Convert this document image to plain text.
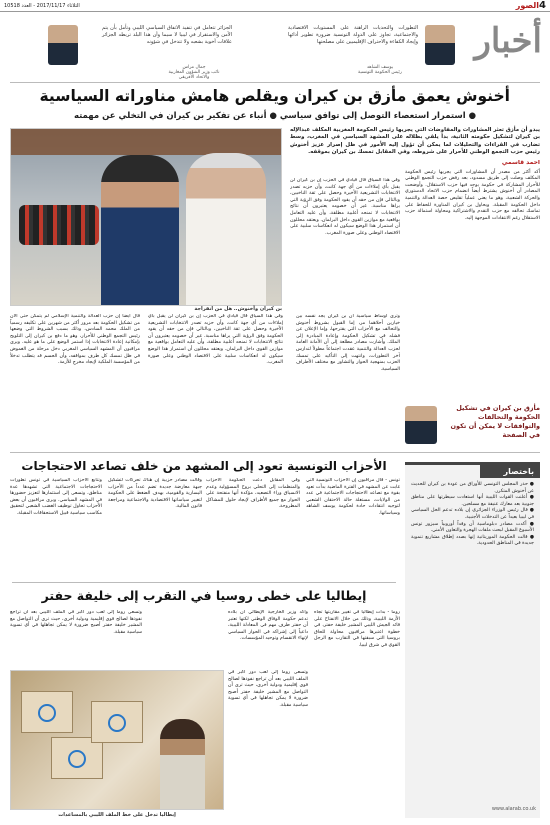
4
الصور
الثلاثاء 2017/11/17 - العدد 10518
أخبار
التطورات والتحديات الراهنة على المستويات الاقتصادية والاجتماعية، تجاوز على الدولة التونسية ضرورة تطوير أدائها وإيجاد الكفاءة والاحتراف الإقليميين على مصلحتها
يوسف الشاهد
رئيس الحكومة التونسية
الجزائر تتعامل في تنفيذ الاتفاق السياسي الليبي وتأمل بأن يتم الأمن والاستقرار في ليبيا لا سيما وأن هذا البلد تربطه الجزائر علاقات أخوية بشعبه ولا تتدخل في شؤونه
جمال مراس
نائب وزير الشؤون المغاربية والاتحاد الأفريقي
أخنوش يعمق مأزق بن كيران ويقلص هامش مناوراته السياسية
● استمرار استعصاء التوصل إلى توافق سياسي ● أنباء عن تفكير بن كيران في التخلي عن مهمته
يبدو أن مأزق تعثر المشاورات والمفاوضات التي يجريها رئيس الحكومة المغربية المكلف عبدالإله بن كيران لتشكيل حكومته الثانية، بدأ يلقي بظلاله على المشهد السياسي في المغرب، وسط تضارب في القراءات والتحليلات لما يمكن أن تؤول إليه الأمور في ظل إصرار عزيز أخنوش رئيس حزب التجمع الوطني للأحرار على شروطه، وفي المقابل تمسك بن كيران بموقفه.
بن كيران وأخنوش.. هل من انفراجة
أحمد قاسمي
أكد أكثر من مصدر أن المشاورات التي يجريها رئيس الحكومة المكلف وصلت إلى طريق مسدود، بعد رفض حزب التجمع الوطني للأحرار المشاركة في حكومة يوجد فيها حزب الاستقلال. وأوضحت المصادر أن أخنوش يشترط أيضاً انضمام حزب الاتحاد الدستوري والحركة الشعبية، وهو ما يعني عملياً تقليص حصة العدالة والتنمية داخل الحكومة المقبلة. ويحاول بن كيران المناورة للحفاظ على تماسك تحالفه مع حزب التقدم والاشتراكية ومحاولة استمالة حزب الاستقلال رغم الانتقادات الموجهة إليه.
وفي هذا السياق قال قيادي في الحزب إن بن كيران لن يقبل بأي إملاءات من أي جهة كانت، وأن حزبه تصدر الانتخابات التشريعية الأخيرة وحصل على ثقة الناخبين، وبالتالي فإن من حقه أن يقود الحكومة وفق الرؤية التي يراها مناسبة. غير أن خصومه يعتبرون أن نتائج الانتخابات لا تمنحه أغلبية مطلقة، وأن عليه التعامل بواقعية مع موازين القوى داخل البرلمان. ويعتقد محللون أن استمرار هذا الوضع سيكون له انعكاسات سلبية على الاقتصاد الوطني وعلى صورة المغرب.
وترى أوساط سياسية أن بن كيران يجد نفسه بين خيارين أحلاهما مر، إما القبول بشروط أخنوش والتحالف مع الأحزاب التي يقترحها، وإما الإعلان عن فشله في تشكيل الحكومة وإعادة المبادرة إلى الملك. وأشارت مصادر مطلعة إلى أن الأمانة العامة لحزب العدالة والتنمية عقدت اجتماعاً مطولاً لتدارس آخر التطورات، وانتهت إلى التأكيد على تمسك الحزب بمنهجية الحوار والتشاور مع مختلف الأطراف السياسية.
قال أيضاً إن حزب العدالة والتنمية الإسلامي لم يتمكن حتى الآن من تشكيل الحكومة بعد مرور أكثر من شهرين على تكليفه رسمياً من الملك محمد السادس، وذلك بسبب الشروط التي وضعها رئيس التجمع الوطني للأحرار، وهو ما دفع بن كيران إلى التلويح بإمكانية إعادة الانتخابات إذا استمر الوضع على ما هو عليه. ويرى مراقبون أن المشهد السياسي المغربي دخل مرحلة من الغموض في ظل تمسك كل طرف بمواقفه، وأن الحسم قد يتطلب تدخلاً من المؤسسة الملكية لإيجاد مخرج للأزمة.
وفي هذا السياق قال قيادي في الحزب إن بن كيران لن يقبل بأي إملاءات من أي جهة كانت، وأن حزبه تصدر الانتخابات التشريعية الأخيرة وحصل على ثقة الناخبين، وبالتالي فإن من حقه أن يقود الحكومة وفق الرؤية التي يراها مناسبة. غير أن خصومه يعتبرون أن نتائج الانتخابات لا تمنحه أغلبية مطلقة، وأن عليه التعامل بواقعية مع موازين القوى داخل البرلمان. ويعتقد محللون أن استمرار هذا الوضع سيكون له انعكاسات سلبية على الاقتصاد الوطني وعلى صورة المغرب.
مأزق بن كيران في تشكيل الحكومة والتحالفات والتوافقات لا يمكن أن تكون في الصفحة
باختصار
● حذر المجلس التونسي للأوراق من عودة بن كيران للحديث عن أخنوش المتكرر.
● أعلنت القوات الليبية أنها استعادت سيطرتها على مناطق جنوبية بعد معارك عنيفة مع مسلحين.
● قال رئيس الوزراء الجزائري إن بلاده تدعم الحل السياسي في ليبيا بعيداً عن التدخلات الأجنبية.
● أكدت مصادر دبلوماسية أن وفداً أوروبياً سيزور تونس الأسبوع المقبل لبحث ملفات الهجرة والتعاون الأمني.
● قالت الحكومة الموريتانية إنها بصدد إطلاق مشاريع تنموية جديدة في المناطق الحدودية.
www.alarab.co.uk
الأحزاب التونسية تعود إلى المشهد من خلف تصاعد الاحتجاجات
تونس - قال مراقبون إن الأحزاب التونسية التي غابت عن المشهد في الفترة الماضية بدأت تعود بقوة مع تصاعد الاحتجاجات الاجتماعية في عدد من الولايات، مستغلة حالة الاحتقان الشعبي لتوجيه انتقادات حادة لحكومة يوسف الشاهد وسياساتها.
وفي المقابل دعت الحكومة الأحزاب والمنظمات إلى التحلي بروح المسؤولية وعدم الانسياق وراء التصعيد، مؤكدة أنها منفتحة على الحوار مع جميع الأطراف لإيجاد حلول للمشاكل المطروحة.
وقالت مصادر حزبية إن هناك تحركات لتشكيل جبهة معارضة جديدة تضم عدداً من الأحزاب اليسارية والقومية، بهدف الضغط على الحكومة لتغيير سياساتها الاقتصادية والاجتماعية ومراجعة قانون المالية.
وتتابع الأحزاب السياسية في تونس تطورات الاحتجاجات الاجتماعية التي تشهدها عدة مناطق، وتسعى إلى استثمارها لتعزيز حضورها في المشهد السياسي. ويرى مراقبون أن بعض الأحزاب تحاول توظيف الغضب الشعبي لتحقيق مكاسب سياسية قبيل الاستحقاقات المقبلة.
إيطاليا على خطى روسيا في التقرب إلى خليفة حفتر
روما - بدأت إيطاليا في تغيير مقاربتها تجاه الأزمة الليبية، وذلك من خلال الانفتاح على قائد الجيش الليبي المشير خليفة حفتر، في خطوة اعتبرها مراقبون محاولة للحاق بروسيا التي سبقتها في التقارب مع الرجل القوي في شرق ليبيا.
وأكد وزير الخارجية الإيطالي أن بلاده تدعم حكومة الوفاق الوطني لكنها تعتبر أن حفتر طرف مهم في المعادلة الليبية، داعياً إلى إشراكه في الحوار السياسي لإنهاء الانقسام وتوحيد المؤسسات.
وتسعى روما إلى لعب دور أكبر في الملف الليبي بعد أن تراجع نفوذها لصالح قوى إقليمية ودولية أخرى، حيث ترى أن التواصل مع المشير خليفة حفتر أصبح ضرورة لا يمكن تجاهلها في أي تسوية سياسية مقبلة.
وتسعى روما إلى لعب دور أكبر في الملف الليبي بعد أن تراجع نفوذها لصالح قوى إقليمية ودولية أخرى، حيث ترى أن التواصل مع المشير خليفة حفتر أصبح ضرورة لا يمكن تجاهلها في أي تسوية سياسية مقبلة.
إيطاليا تدخل على خط الملف الليبي بالمساعدات
